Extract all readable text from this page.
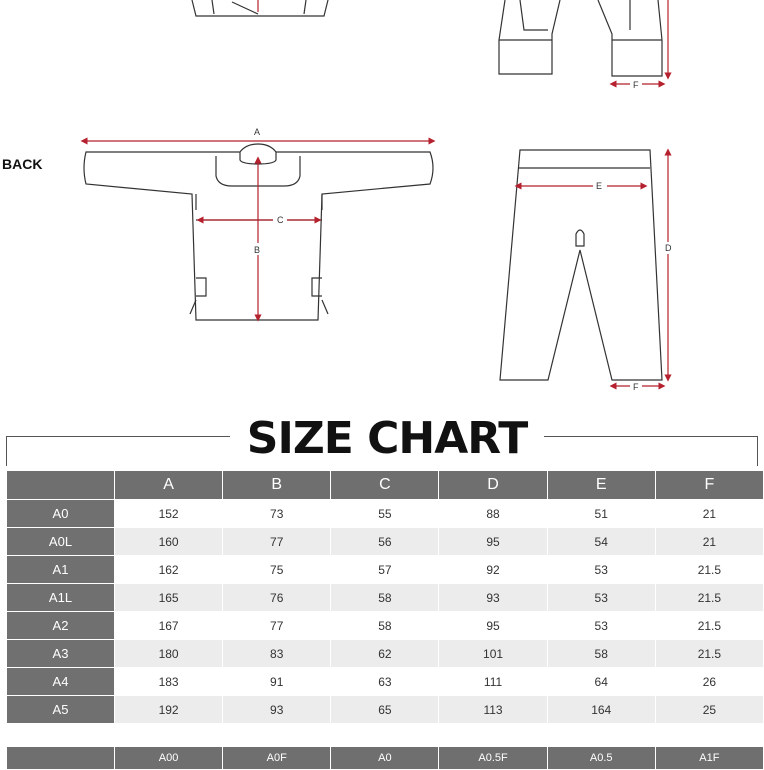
A
B
C
D
E
F
F
BACK
SIZE CHART
	A	B	C	D	E	F
A0	152	73	55	88	51	21
A0L	160	77	56	95	54	21
A1	162	75	57	92	53	21.5
A1L	165	76	58	93	53	21.5
A2	167	77	58	95	53	21.5
A3	180	83	62	101	58	21.5
A4	183	91	63	111	64	26
A5	192	93	65	113	164	25
	A00	A0F	A0	A0.5F	A0.5	A1F
